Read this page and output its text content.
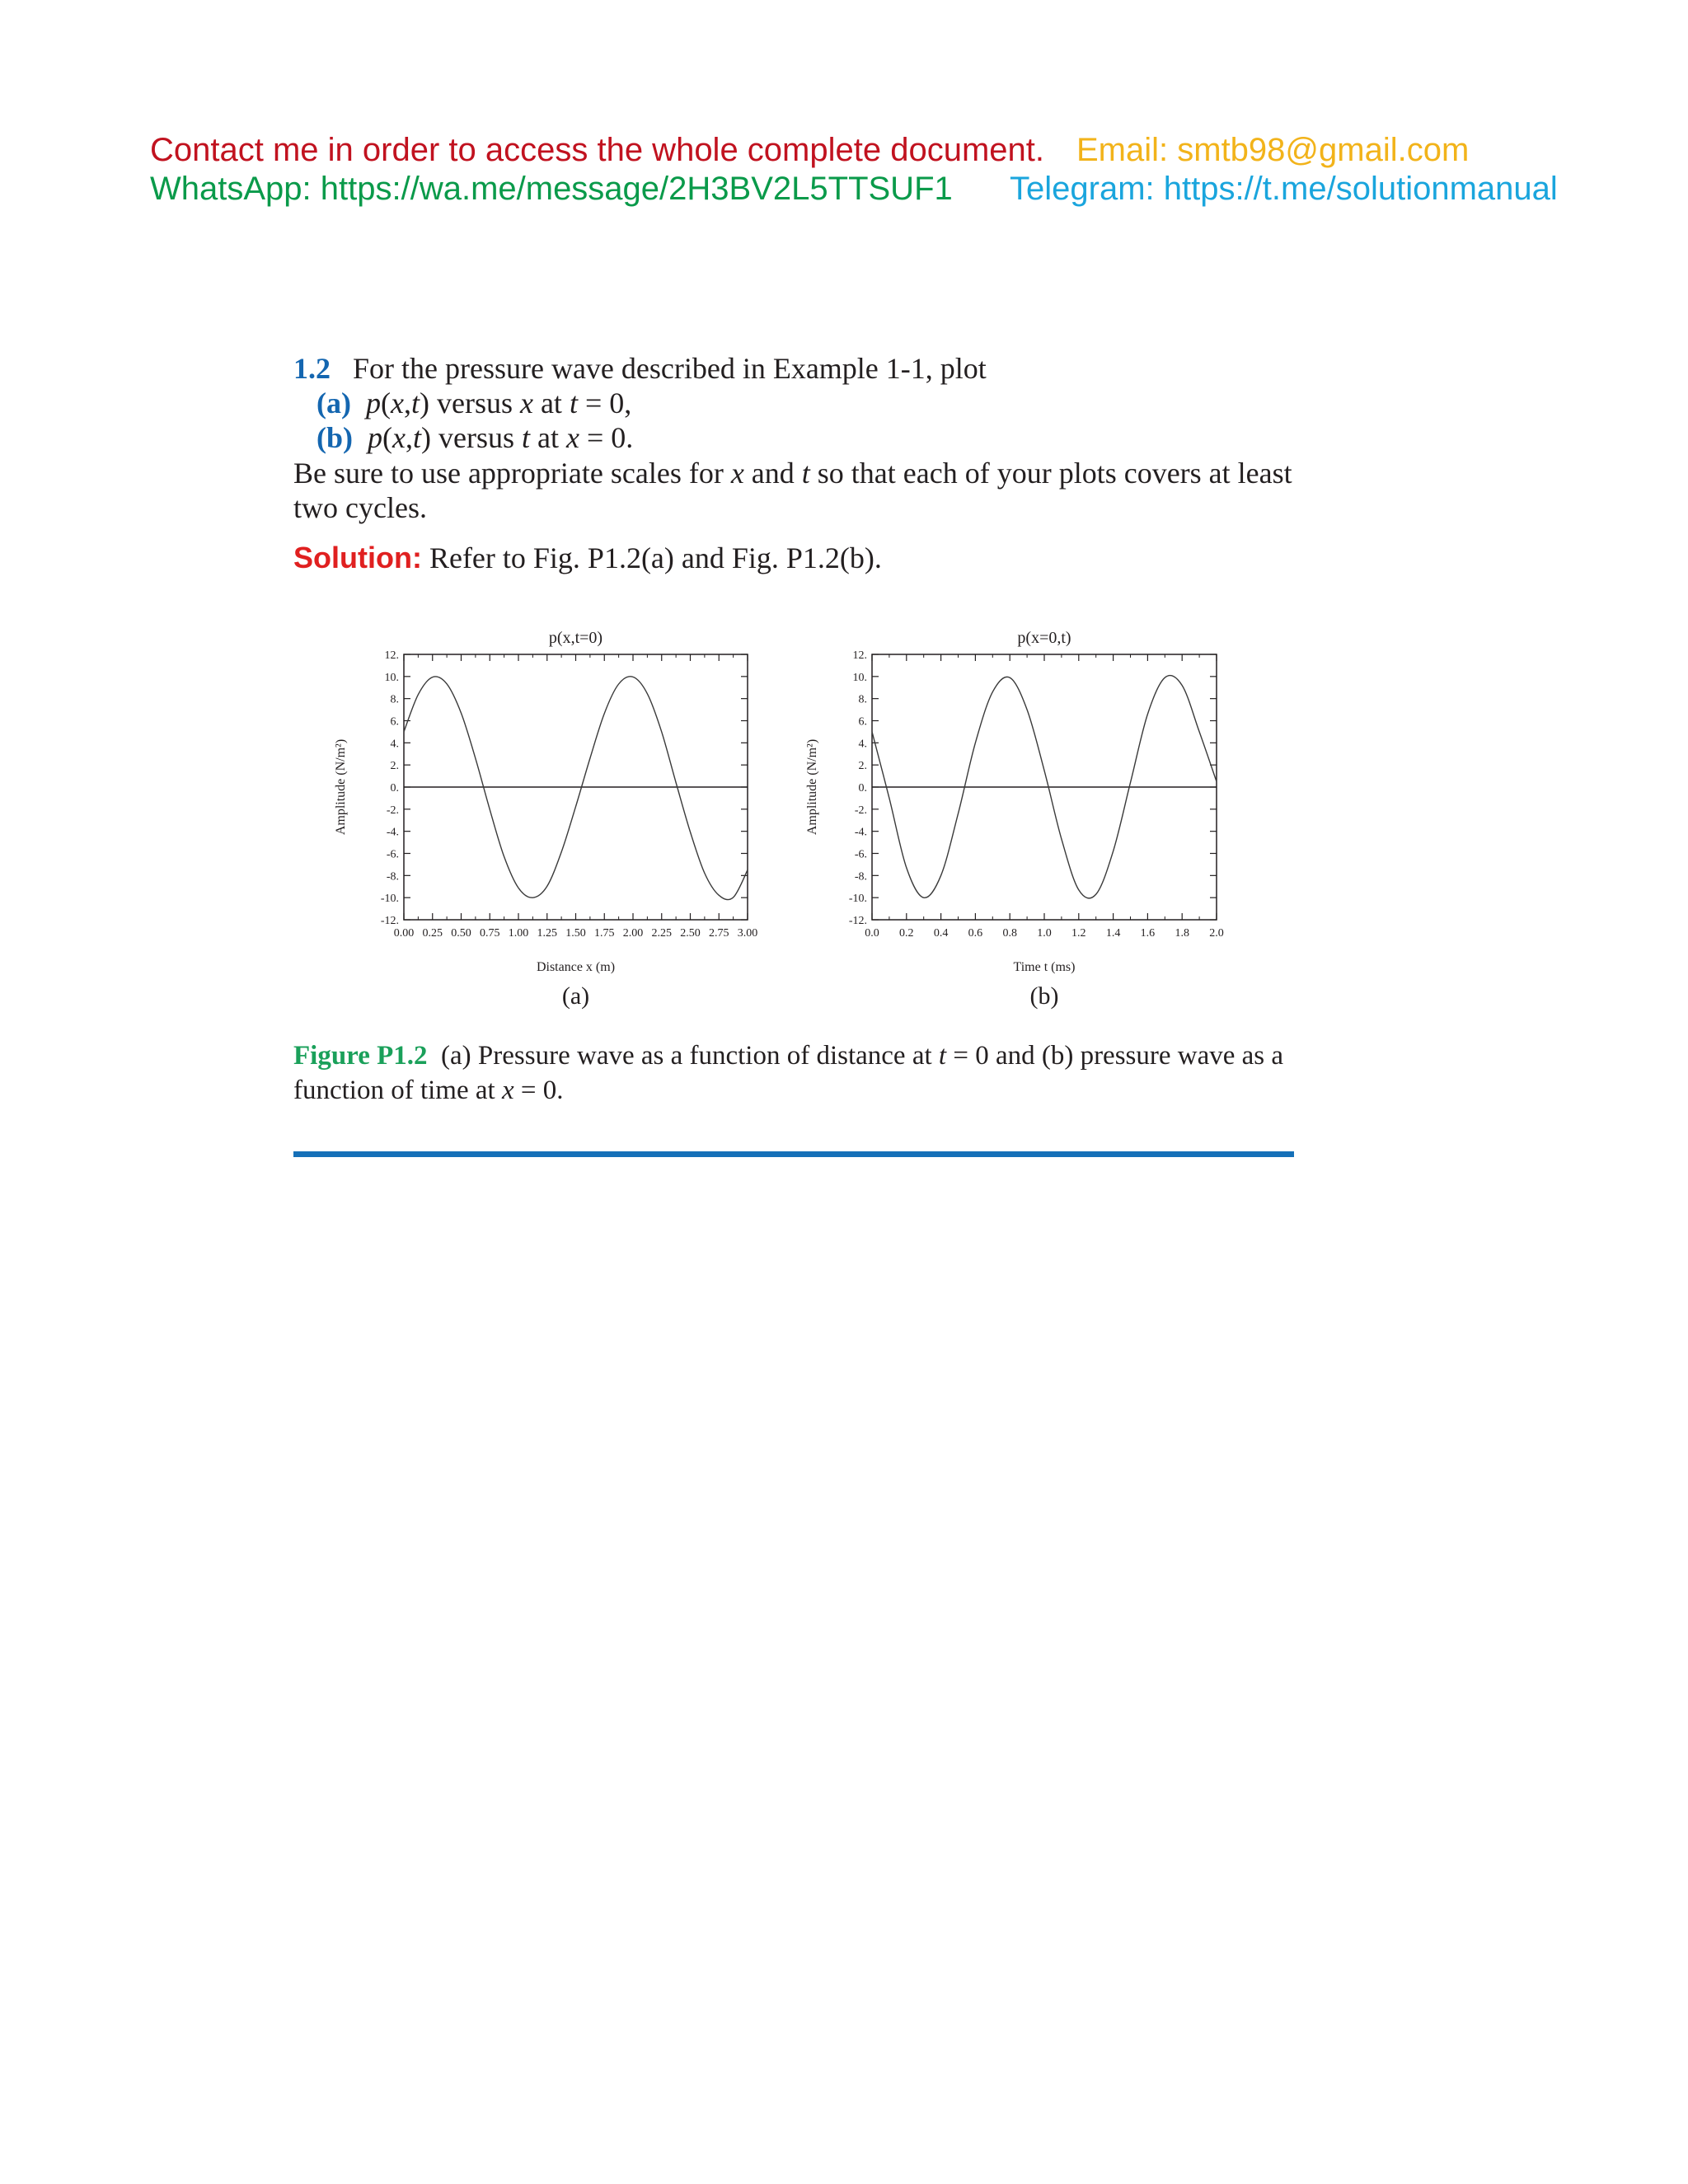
Contact me in order to access the whole complete document. Email: smtb98@gmail.com
WhatsApp: https://wa.me/message/2H3BV2L5TTSUF1 Telegram: https://t.me/solutionmanual
1.2 For the pressure wave described in Example 1-1, plot
(a) p(x,t) versus x at t = 0,
(b) p(x,t) versus t at x = 0.
Be sure to use appropriate scales for x and t so that each of your plots covers at least
two cycles.
Solution: Refer to Fig. P1.2(a) and Fig. P1.2(b).
12.
10.
8.
6.
4.
2.
0.
-2.
-4.
-6.
-8.
-10.
-12.
0.00 0.25 0.50 0.75 1.00 1.25 1.50 1.75 2.00 2.25 2.50 2.75 3.00
p(x,t=0)
Distance x (m)
Amplitude (N/m²)
(a)
12.
10.
8.
6.
4.
2.
0.
-2.
-4.
-6.
-8.
-10.
-12.
0.0 0.2 0.4 0.6 0.8 1.0 1.2 1.4 1.6 1.8 2.0
p(x=0,t)
Time t (ms)
Amplitude (N/m²)
(b)
Figure P1.2 (a) Pressure wave as a function of distance at t = 0 and (b) pressure wave as a
function of time at x = 0.
